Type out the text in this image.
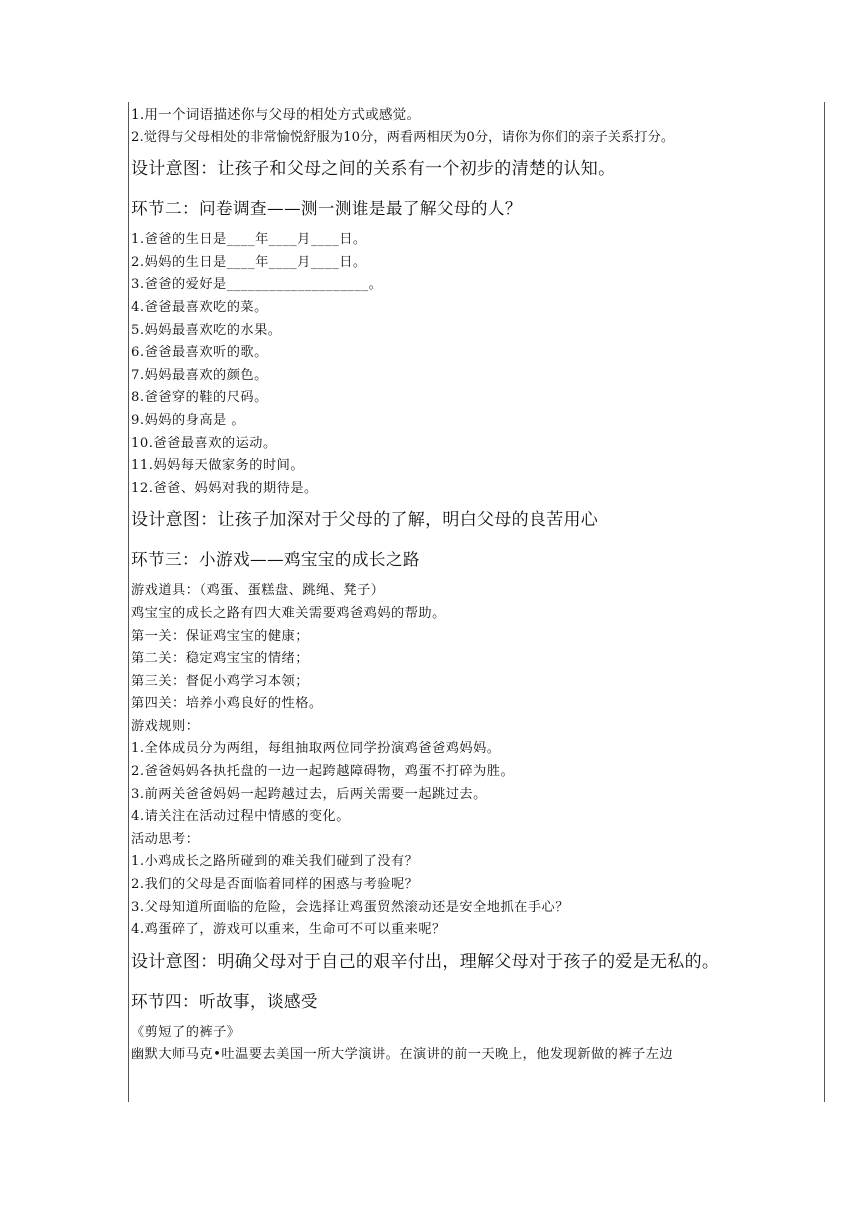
1.用一个词语描述你与父母的相处方式或感觉。
2.觉得与父母相处的非常愉悦舒服为10分，两看两相厌为0分，请你为你们的亲子关系打分。
设计意图：让孩子和父母之间的关系有一个初步的清楚的认知。
环节二：问卷调查——测一测谁是最了解父母的人？
1.爸爸的生日是____年____月____日。
2.妈妈的生日是____年____月____日。
3.爸爸的爱好是____________________。
4.爸爸最喜欢吃的菜。
5.妈妈最喜欢吃的水果。
6.爸爸最喜欢听的歌。
7.妈妈最喜欢的颜色。
8.爸爸穿的鞋的尺码。
9.妈妈的身高是 。
10.爸爸最喜欢的运动。
11.妈妈每天做家务的时间。
12.爸爸、妈妈对我的期待是。
设计意图：让孩子加深对于父母的了解，明白父母的良苦用心
环节三：小游戏——鸡宝宝的成长之路
游戏道具：（鸡蛋、蛋糕盘、跳绳、凳子）
鸡宝宝的成长之路有四大难关需要鸡爸鸡妈的帮助。
第一关：保证鸡宝宝的健康；
第二关：稳定鸡宝宝的情绪；
第三关：督促小鸡学习本领；
第四关：培养小鸡良好的性格。
游戏规则：
1.全体成员分为两组，每组抽取两位同学扮演鸡爸爸鸡妈妈。
2.爸爸妈妈各执托盘的一边一起跨越障碍物，鸡蛋不打碎为胜。
3.前两关爸爸妈妈一起跨越过去，后两关需要一起跳过去。
4.请关注在活动过程中情感的变化。
活动思考：
1.小鸡成长之路所碰到的难关我们碰到了没有？
2.我们的父母是否面临着同样的困惑与考验呢？
3.父母知道所面临的危险，会选择让鸡蛋贸然滚动还是安全地抓在手心？
4.鸡蛋碎了，游戏可以重来，生命可不可以重来呢？
设计意图：明确父母对于自己的艰辛付出，理解父母对于孩子的爱是无私的。
环节四：听故事，谈感受
《剪短了的裤子》
幽默大师马克•吐温要去美国一所大学演讲。在演讲的前一天晚上，他发现新做的裤子左边
